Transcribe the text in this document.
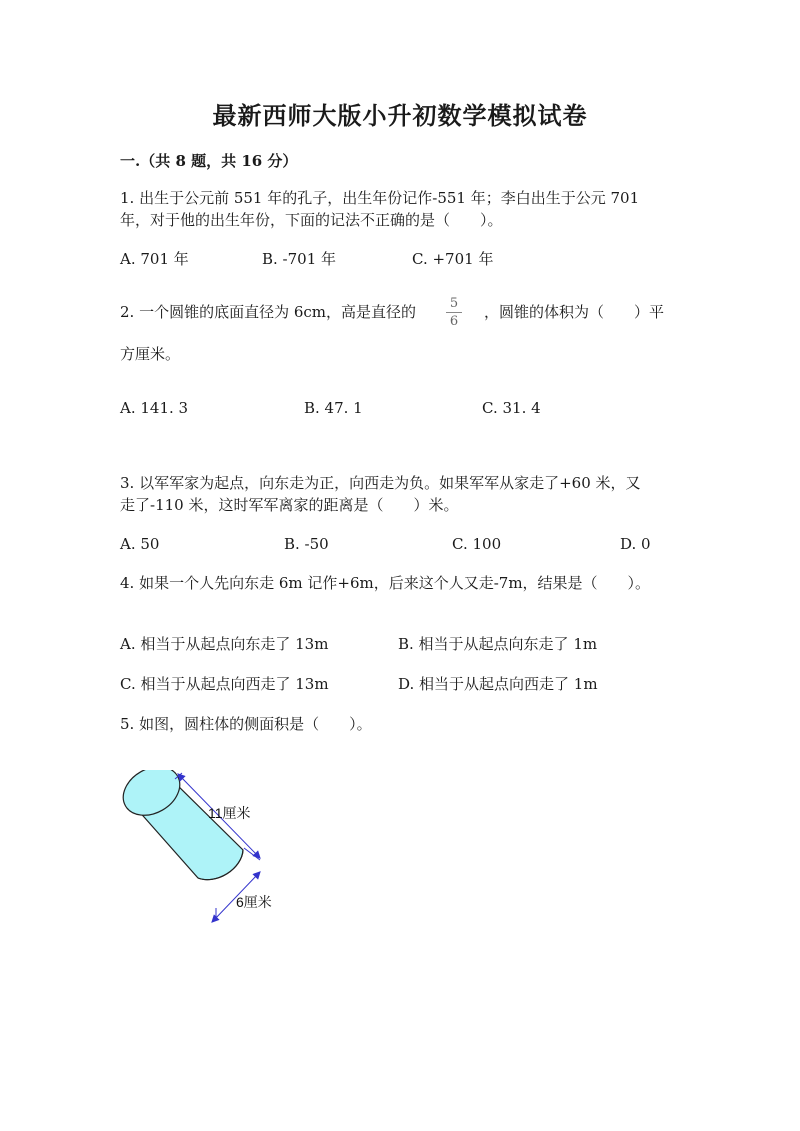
最新西师大版小升初数学模拟试卷
一.（共 8 题，共 16 分）
1. 出生于公元前 551 年的孔子，出生年份记作-551 年；李白出生于公元 701
年，对于他的出生年份，下面的记法不正确的是（　　）。
A. 701 年	B. -701 年	C. +701 年
2. 一个圆锥的底面直径为 6cm，高是直径的	5
6
，圆锥的体积为（　　）平
方厘米。
A. 141. 3	B. 47. 1	C. 31. 4
3. 以军军家为起点，向东走为正，向西走为负。如果军军从家走了+60 米，又
走了-110 米，这时军军离家的距离是（　　）米。
A. 50	B. -50	C. 100	D. 0
4. 如果一个人先向东走 6m 记作+6m，后来这个人又走-7m，结果是（　　）。
A. 相当于从起点向东走了 13m	B. 相当于从起点向东走了 1m
C. 相当于从起点向西走了 13m	D. 相当于从起点向西走了 1m
5. 如图，圆柱体的侧面积是（　　）。
11厘米
6厘米
